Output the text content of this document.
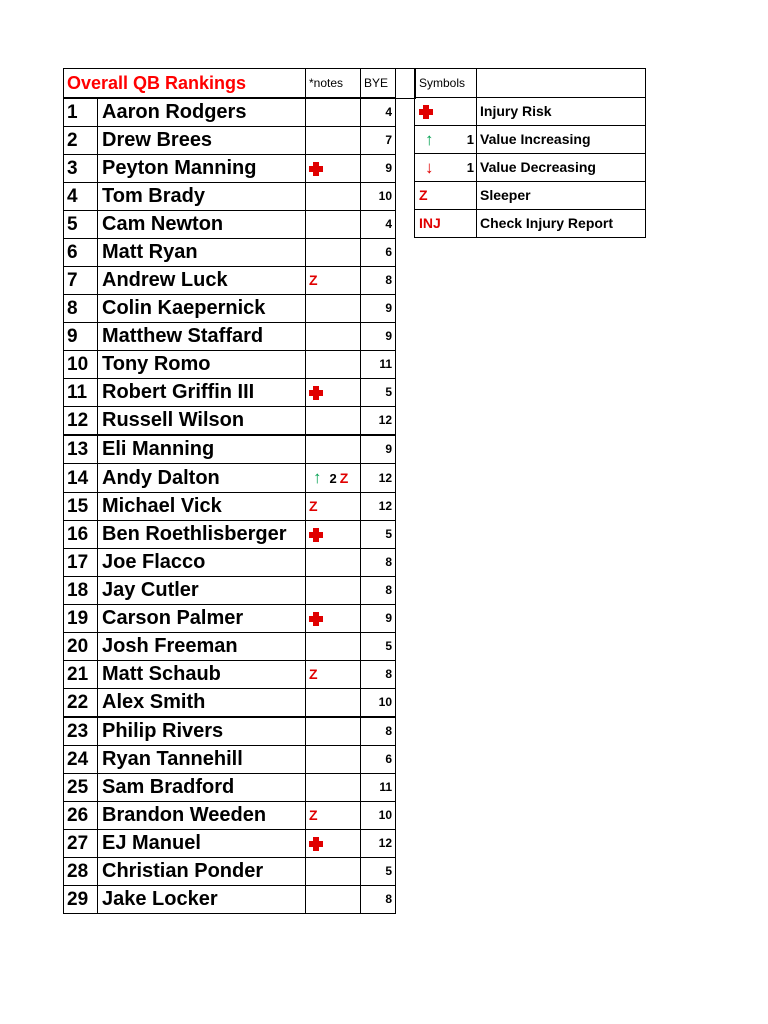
Overall QB Rankings		*notes	BYE	
1	Aaron Rodgers		4	
2	Drew Brees		7	
3	Peyton Manning		9	
4	Tom Brady		10	
5	Cam Newton		4	
6	Matt Ryan		6	
7	Andrew Luck	Z	8	
8	Colin Kaepernick		9	
9	Matthew Staffard		9	
10	Tony Romo		11	
11	Robert Griffin III		5	
12	Russell Wilson		12	
13	Eli Manning		9	
14	Andy Dalton	↑ 2 Z	12	
15	Michael Vick	Z	12	
16	Ben Roethlisberger		5	
17	Joe Flacco		8	
18	Jay Cutler		8	
19	Carson Palmer		9	
20	Josh Freeman		5	
21	Matt Schaub	Z	8	
22	Alex Smith		10	
23	Philip Rivers		8	
24	Ryan Tannehill		6	
25	Sam Bradford		11	
26	Brandon Weeden	Z	10	
27	EJ Manuel		12	
28	Christian Ponder		5	
29	Jake Locker		8	
Symbols	

	Injury Risk

↑ 1	Value Increasing

↓ 1	Value Decreasing

Z	Sleeper

INJ	Check Injury Report
